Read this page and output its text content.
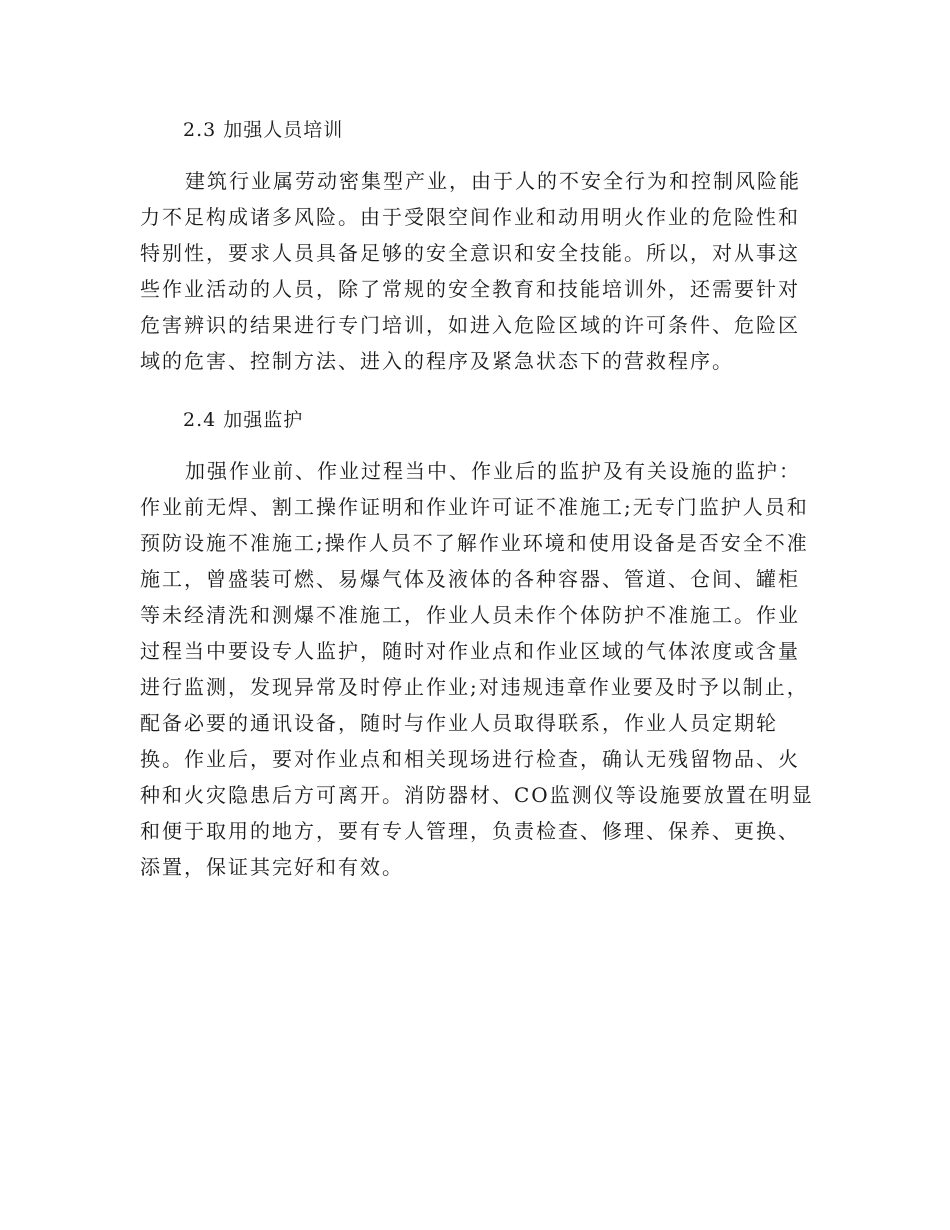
2.3 加强人员培训

建筑行业属劳动密集型产业，由于人的不安全行为和控制风险能

力不足构成诸多风险。由于受限空间作业和动用明火作业的危险性和

特别性，要求人员具备足够的安全意识和安全技能。所以，对从事这

些作业活动的人员，除了常规的安全教育和技能培训外，还需要针对

危害辨识的结果进行专门培训，如进入危险区域的许可条件、危险区

域的危害、控制方法、进入的程序及紧急状态下的营救程序。

2.4 加强监护

加强作业前、作业过程当中、作业后的监护及有关设施的监护：

作业前无焊、割工操作证明和作业许可证不准施工;无专门监护人员和

预防设施不准施工;操作人员不了解作业环境和使用设备是否安全不准

施工，曾盛装可燃、易爆气体及液体的各种容器、管道、仓间、罐柜

等未经清洗和测爆不准施工，作业人员未作个体防护不准施工。作业

过程当中要设专人监护，随时对作业点和作业区域的气体浓度或含量

进行监测，发现异常及时停止作业;对违规违章作业要及时予以制止，

配备必要的通讯设备，随时与作业人员取得联系，作业人员定期轮

换。作业后，要对作业点和相关现场进行检查，确认无残留物品、火

种和火灾隐患后方可离开。消防器材、CO监测仪等设施要放置在明显

和便于取用的地方，要有专人管理，负责检查、修理、保养、更换、

添置，保证其完好和有效。
